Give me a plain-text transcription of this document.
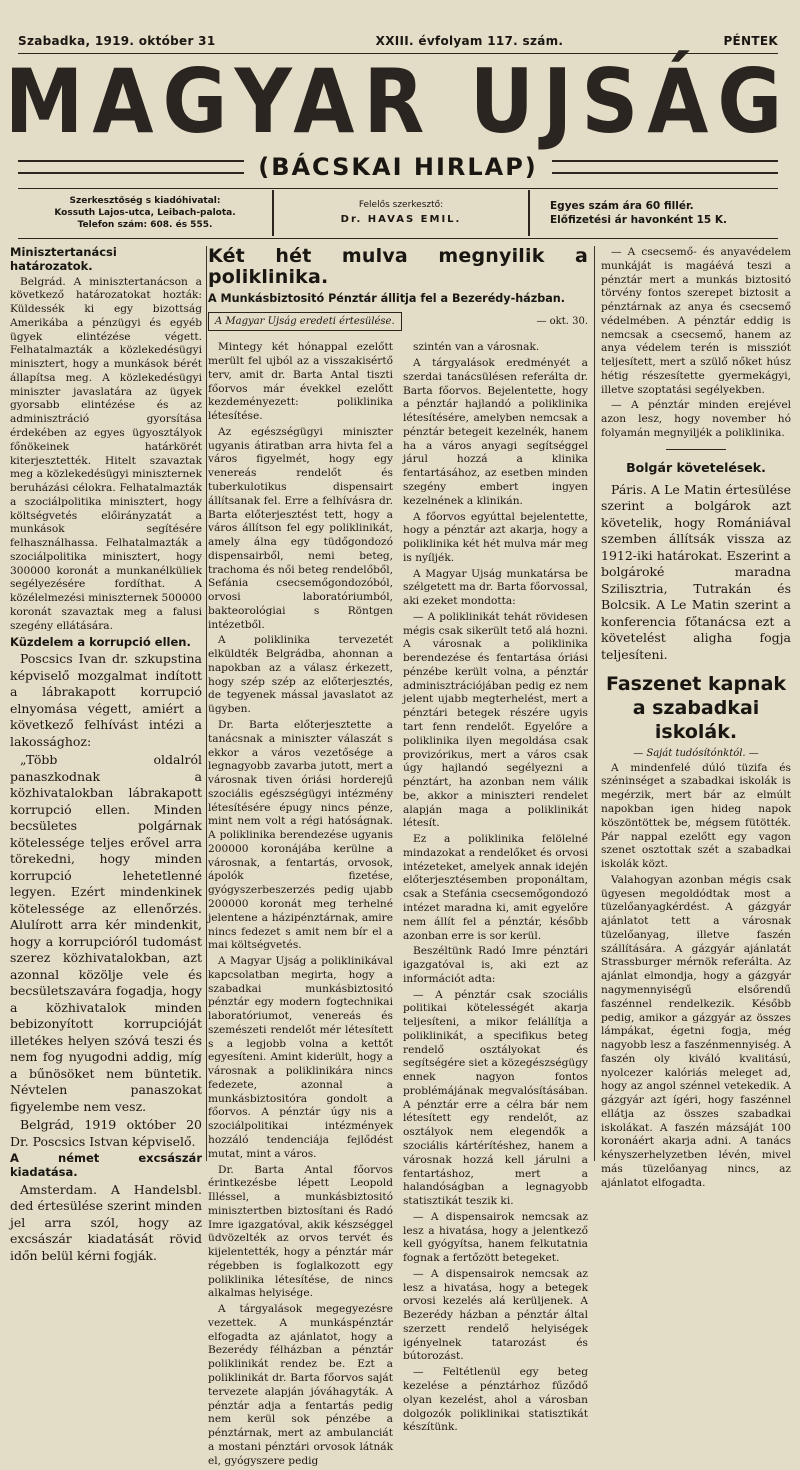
Szabadka, 1919. október 31	XXIII. évfolyam 117. szám.	PÉNTEK
MAGYAR UJSÁG
(BÁCSKAI HIRLAP)
Szerkesztőség s kiadóhivatal:
Kossuth Lajos-utca, Leibach-palota.
Telefon szám: 608. és 555.
Felelős szerkesztő:
Dr. HAVAS EMIL.
Egyes szám ára 60 fillér.
Előfizetési ár havonként 15 K.

Minisztertanácsi határozatok.

Belgrád. A minisztertanácson a következő határozatokat hozták: Küldessék ki egy bizottság Amerikába a pénzügyi és egyéb ügyek elintézése végett. Felhatalmazták a közlekedésügyi minisztert, hogy a munkások bérét állapítsa meg. A közlekedésügyi miniszter javaslatára az ügyek gyorsabb elintézése és az adminisztráció gyorsítása érdekében az egyes ügyosztályok főnökeinek határkörét kiterjesztették. Hitelt szavaztak meg a közlekedésügyi miniszternek beruházási célokra. Felhatalmazták a szociálpolitika minisztert, hogy költségvetés előirányzatát a munkások segítésére felhasználhassa. Felhatalmazták a szociálpolitika minisztert, hogy 300000 koronát a munkanélküliek segélyezésére fordíthat. A közélelmezési miniszternek 500000 koronát szavaztak meg a falusi szegény ellátására.

Küzdelem a korrupció ellen.

Poscsics Ivan dr. szkupstina képviselő mozgalmat indított a lábrakapott korrupció elnyomása végett, amiért a következő felhívást intézi a lakossághoz:

„Több oldalról panaszkodnak a közhivatalokban lábrakapott korrupció ellen. Minden becsületes polgárnak kötelessége teljes erővel arra törekedni, hogy minden korrupció lehetetlenné legyen. Ezért mindenkinek kötelessége az ellenőrzés. Alulírott arra kér mindenkit, hogy a korrupcióról tudomást szerez közhivatalokban, azt azonnal közölje vele és becsületszavára fogadja, hogy a közhivatalok minden bebizonyított korrupcióját illetékes helyen szóvá teszi és nem fog nyugodni addig, míg a bűnösöket nem büntetik. Névtelen panaszokat figyelembe nem vesz.

Belgrád, 1919 október 20 Dr. Poscsics Istvan képviselő.

A német excsászár kiadatása.

Amsterdam. A Handelsbl. ded értesülése szerint minden jel arra szól, hogy az excsászár kiadatását rövid időn belül kérni fogják.

Két hét mulva megnyilik a poliklinika.
A Munkásbiztositó Pénztár állitja fel a Bezerédy-házban.
A Magyar Ujság eredeti értesülése.	— okt. 30.

Mintegy két hónappal ezelőtt merült fel ujból az a visszakisértő terv, amit dr. Barta Antal tiszti főorvos már évekkel ezelőtt kezdeményezett: poliklinika létesítése.

Az egészségügyi miniszter ugyanis átiratban arra hivta fel a város figyelmét, hogy egy venereás rendelőt és tuberkulotikus dispensairt állítsanak fel. Erre a felhívásra dr. Barta előterjesztést tett, hogy a város állítson fel egy poliklinikát, amely álna egy tüdőgondozó dispensairből, nemi beteg, trachoma és női beteg rendelőből, Sefánia csecsemőgondozóból, orvosi laboratóriumból, bakteorológiai s Röntgen intézetből.

A poliklinika tervezetét elküldték Belgrádba, ahonnan a napokban az a válasz érkezett, hogy szép szép az előterjesztés, de tegyenek mással javaslatot az ügyben.

Dr. Barta előterjesztette a tanácsnak a miniszter válaszát s ekkor a város vezetősége a legnagyobb zavarba jutott, mert a városnak tiven óriási horderejű szociális egészségügyi intézmény létesítésére épugy nincs pénze, mint nem volt a régi hatóságnak. A poliklinika berendezése ugyanis 200000 koronájába kerülne a városnak, a fentartás, orvosok, ápolók fizetése, gyógyszerbeszerzés pedig ujabb 200000 koronát meg terhelné jelentene a házipénztárnak, amire nincs fedezet s amit nem bír el a mai költségvetés.

A Magyar Ujság a poliklinikával kapcsolatban megirta, hogy a szabadkai munkásbiztositó pénztár egy modern fogtechnikai laboratóriumot, venereás és szemészeti rendelőt mér létesített s a legjobb volna a kettőt egyesíteni. Amint kiderült, hogy a városnak a poliklinikára nincs fedezete, azonnal a munkásbiztositóra gondolt a főorvos. A pénztár úgy nis a szociálpolitikai intézmények hozzáló tendenciája fejlődést mutat, mint a város.

Dr. Barta Antal főorvos érintkezésbe lépett Leopold Illéssel, a munkásbiztositó minisztertben biztosítani és Radó Imre igazgatóval, akik készséggel üdvözelték az orvos tervét és kijelentették, hogy a pénztár már régebben is foglalkozott egy poliklinika létesítése, de nincs alkalmas helyisége.

A tárgyalások megegyezésre vezettek. A munkáspénztár elfogadta az ajánlatot, hogy a Bezerédy félházban a pénztár poliklinikát rendez be. Ezt a poliklinikát dr. Barta főorvos saját tervezete alapján jóváhagyták. A pénztár adja a fentartás pedig nem kerül sok pénzébe a pénztárnak, mert az ambulanciát a mostani pénztári orvosok látnák el, gyógyszere pedig

szintén van a városnak.

A tárgyalások eredményét a szerdai tanácsülésen referálta dr. Barta főorvos. Bejelentette, hogy a pénztár hajlandó a poliklinika létesítésére, amelyben nemcsak a pénztár betegeit kezelnék, hanem ha a város anyagi segítséggel járul hozzá a klinika fentartásához, az esetben minden szegény embert ingyen kezelnének a klinikán.

A főorvos egyúttal bejelentette, hogy a pénztár azt akarja, hogy a poliklinika két hét mulva már meg is nyíljék.

A Magyar Ujság munkatársa be szélgetett ma dr. Barta főorvossal, aki ezeket mondotta:

— A poliklinikát tehát rövidesen mégis csak sikerült tető alá hozni. A városnak a poliklinika berendezése és fentartása óriási pénzébe került volna, a pénztár adminisztrációjában pedig ez nem jelent ujabb megterhelést, mert a pénztári betegek részére ugyis tart fenn rendelőt. Egyelőre a poliklinika ilyen megoldása csak provizórikus, mert a város csak úgy hajlandó segélyezni a pénztárt, ha azonban nem válik be, akkor a miniszteri rendelet alapján maga a poliklinikát létesít.

Ez a poliklinika felölelné mindazokat a rendelőket és orvosi intézeteket, amelyek annak idején előterjesztésemben proponáltam, csak a Stefánia csecsemőgondozó intézet maradna ki, amit egyelőre nem állít fel a pénztár, később azonban erre is sor kerül.

Beszéltünk Radó Imre pénztári igazgatóval is, aki ezt az információt adta:

— A pénztár csak szociális politikai kötelességét akarja teljesíteni, a mikor felállítja a poliklinikát, a specifikus beteg rendelő osztályokat és segítségére siet a közegészségügy ennek nagyon fontos problémájának megvalósításában. A pénztár erre a célra bár nem létesített egy rendelőt, az osztályok nem elegendők a szociális kártérítéshez, hanem a városnak hozzá kell járulni a fentartáshoz, mert a halandóságban a legnagyobb statisztikát teszik ki.

— A dispensairok nemcsak az lesz a hivatása, hogy a jelentkező kell gyógyítsa, hanem felkutatnia fognak a fertőzött betegeket.

— A dispensairok nemcsak az lesz a hivatása, hogy a betegek orvosi kezelés alá kerüljenek. A Bezerédy házban a pénztár által szerzett rendelő helyiségek igényelnek tatarozást és bútorozást.

— Feltétlenül egy beteg kezelése a pénztárhoz fűződő olyan kezelést, ahol a városban dolgozók poliklinikai statisztikát készítünk.

— A csecsemő- és anyavédelem munkáját is magáévá teszi a pénztár mert a munkás biztositó törvény fontos szerepet biztosit a pénztárnak az anya és csecsemő védelmében. A pénztár eddig is nemcsak a csecsemő, hanem az anya védelem terén is missziót teljesített, mert a szülő nőket húsz hétig részesítette gyermekágyi, illetve szoptatási segélyekben.

— A pénztár minden erejével azon lesz, hogy november hó folyamán megnyiljék a poliklinika.

Bolgár követelések.

Páris. A Le Matin értesülése szerint a bolgárok azt követelik, hogy Romániával szemben állítsák vissza az 1912-iki határokat. Eszerint a bolgároké maradna Szilisztria, Tutrakán és Bolcsik. A Le Matin szerint a konferencia főtanácsa ezt a követelést aligha fogja teljesíteni.

Faszenet kapnak a szabadkai iskolák.

— Saját tudósítónktól. —

A mindenfelé dúló tüzifa és széninséget a szabadkai iskolák is megérzik, mert bár az elmúlt napokban igen hideg napok köszöntöttek be, mégsem fütötték. Pár nappal ezelőtt egy vagon szenet osztottak szét a szabadkai iskolák közt.

Valahogyan azonban mégis csak ügyesen megoldódtak most a tüzelőanyagkérdést. A gázgyár ajánlatot tett a városnak tüzelőanyag, illetve faszén szállítására. A gázgyár ajánlatát Strassburger mérnök referálta. Az ajánlat elmondja, hogy a gázgyár nagymennyiségű elsőrendű faszénnel rendelkezik. Később pedig, amikor a gázgyár az összes lámpákat, égetni fogja, még nagyobb lesz a faszénmennyiség. A faszén oly kiváló kvalitású, nyolcezer kalóriás meleget ad, hogy az angol szénnel vetekedik. A gázgyár azt ígéri, hogy faszénnel ellátja az összes szabadkai iskolákat. A faszén mázsáját 100 koronáért akarja adni. A tanács kényszerhelyzetben lévén, mivel más tüzelőanyag nincs, az ajánlatot elfogadta.
